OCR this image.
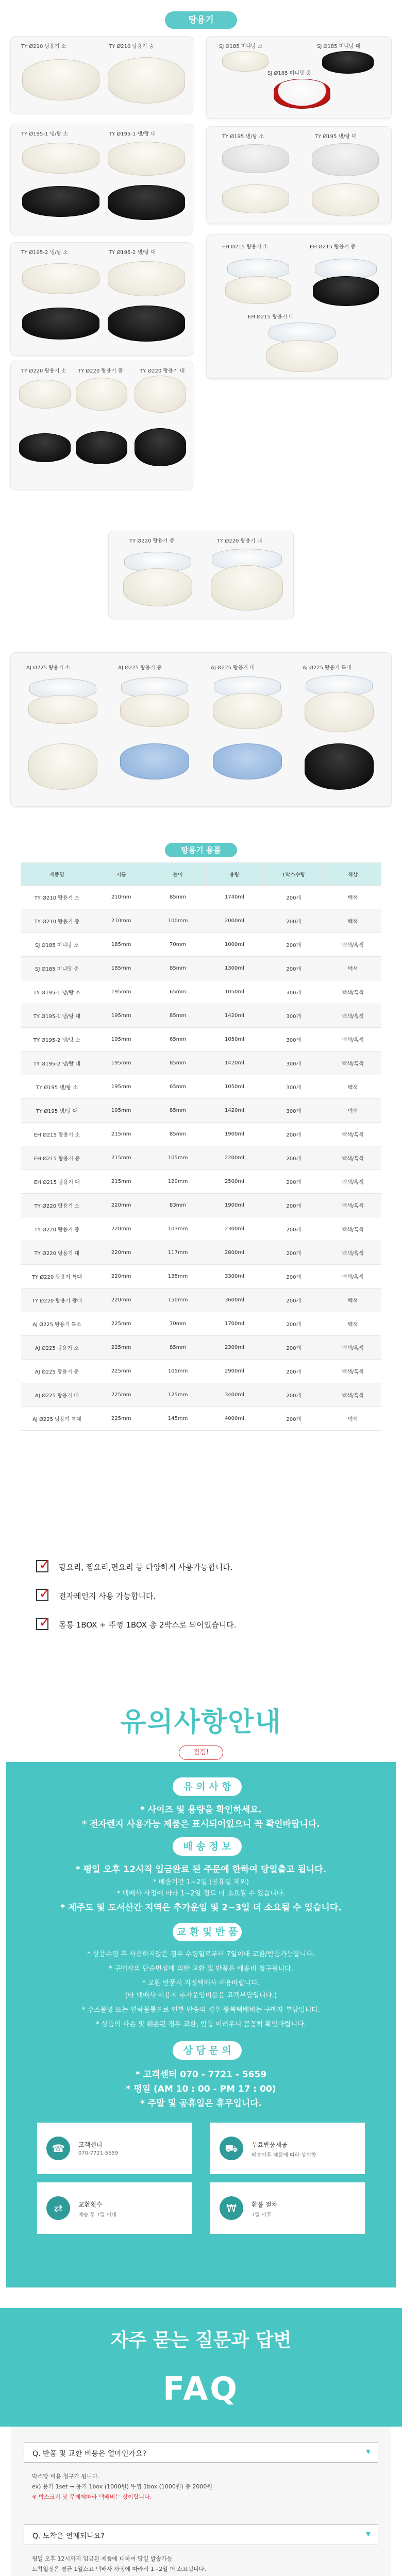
탕용기
TY Ø210 탕용기 소	TY Ø210 탕용기 중	SJ Ø185 미니탕 소	SJ Ø185 미니탕 대
SJ Ø185 미니탕 중
TY Ø195-1 냉/탕 소	TY Ø195-1 냉/탕 대	TY Ø195 냉/탕 소	TY Ø195 냉/탕 대
TY Ø195-2 냉/탕 소	TY Ø195-2 냉/탕 대
EH Ø215 탕용기 소	EH Ø215 탕용기 중
EH Ø215 탕용기 대
TY Ø220 탕용기 소 TY Ø220 탕용기 중	TY Ø220 탕용기 대
TY Ø220 탕용기 중	TY Ø220 탕용기 대
AJ Ø225 탕용기 소	AJ Ø225 탕용기 중	AJ Ø225 탕용기 대	AJ Ø225 탕용기 특대
탕용기 용품
제품명	지름	높이	용량	1박스수량	색상
TY Ø210 탕용기 소	210mm	85mm	1740ml	200개	백색
TY Ø210 탕용기 중	210mm	100mm	2000ml	200개	백색
SJ Ø185 미니탕 소	185mm	70mm	1000ml	200개	백색/흑색
SJ Ø185 미니탕 중	185mm	85mm	1300ml	200개	백색
TY Ø195-1 냉/탕 소	195mm	65mm	1050ml	300개	백색/흑색
TY Ø195-1 냉/탕 대	195mm	85mm	1420ml	300개	백색/흑색
TY Ø195-2 냉/탕 소	195mm	65mm	1050ml	300개	백색/흑색
TY Ø195-2 냉/탕 대	195mm	85mm	1420ml	300개	백색/흑색
TY Ø195 냉/탕 소	195mm	65mm	1050ml	300개	백색
TY Ø195 냉/탕 대	195mm	85mm	1420ml	300개	백색
EH Ø215 탕용기 소	215mm	85mm	1900ml	200개	백색/흑색
EH Ø215 탕용기 중	215mm	105mm	2200ml	200개	백색/흑색
EH Ø215 탕용기 대	215mm	120mm	2500ml	200개	백색/흑색
TY Ø220 탕용기 소	220mm	83mm	1900ml	200개	백색/흑색
TY Ø220 탕용기 중	220mm	103mm	2300ml	200개	백색/흑색
TY Ø220 탕용기 대	220mm	117mm	2800ml	200개	백색/흑색
TY Ø220 탕용기 특대	220mm	135mm	3300ml	200개	백색/흑색
TY Ø220 탕용기 왕대	220mm	150mm	3600ml	200개	백색
AJ Ø225 탕용기 특소	225mm	70mm	1700ml	200개	백색
AJ Ø225 탕용기 소	225mm	85mm	2300ml	200개	백색/흑색
AJ Ø225 탕용기 중	225mm	105mm	2900ml	200개	백색/흑색
AJ Ø225 탕용기 대	225mm	125mm	3400ml	200개	백색/흑색
AJ Ø225 탕용기 특대	225mm	145mm	4000ml	200개	백색
✓ 탕요리, 찜요리,면요리 등 다양하게 사용가능합니다.
✓ 전자레인지 사용 가능합니다.
✓ 몸통 1BOX + 뚜껑 1BOX 총 2박스로 되어있습니다.
유의사항안내
유 의 사 항
* 사이즈 및 용량을 확인하세요.
* 전자렌지 사용가능 제품은 표시되어있으니 꼭 확인바랍니다.
배 송 정 보
* 평일 오후 12시직 입금완료 된 주문에 한하여 당일출고 됩니다.
* 배송기간 1~2일 (공휴일 제외)
* 택배사 사정에 따라 1~2일 정도 더 소요될 수 있습니다.
* 제주도 및 도서산간 지역은 추가운임 및 2~3일 더 소요될 수 있습니다.
교 환 및 반 품
* 상품수령 후 사용하지않은 경우 수령일로부터 7일이내 교환/반품가능합니다.
* 구매자의 단순변심에 의한 교환 및 반품은 배송비 청구됩니다.
* 교환 반품시 지정택배사 이용바랍니다.
(타 택배사 이용시 추가운임비용은 고객부담입니다.)
* 주소불명 또는 연락불통으로 인한 반송의 경우 왕복택배비는 구매자 부담입니다.
* 상품의 파손 및 훼손된 경우 교환, 반품 어려우니 꼼꼼히 확인바랍니다.
상 담 문 의
* 고객센터 070 - 7721 - 5659
* 평일 (AM 10 : 00 - PM 17 : 00)
* 주말 및 공휴일은 휴무입니다.
☎	고객센터
070-7721-5659	⛟	무료반품제공
배송이후 제품에 따라 상이함
⇄	교환횟수
배송 후 7일 이내
₩	환불 절차
7일 이후
점검!
자주 묻는 질문과 답변
FAQ
Q. 반품 및 교환 비용은 얼마인가요?	▾
박스당 비용 청구가 됩니다.
ex) 용기 1set → 용기 1box (1000원) 뚜껑 1box (1000원) 총 2000원
※ 박스크기 및 무게에따라 택배비는 상이합니다.
Q. 도착은 언제되나요?	▾
평일 오후 12시까지 입금된 제품에 대하여 당일 발송가능
도착일정은 평균 1일소요 택배사 사정에 따라서 1~2일 더 소요됩니다.
